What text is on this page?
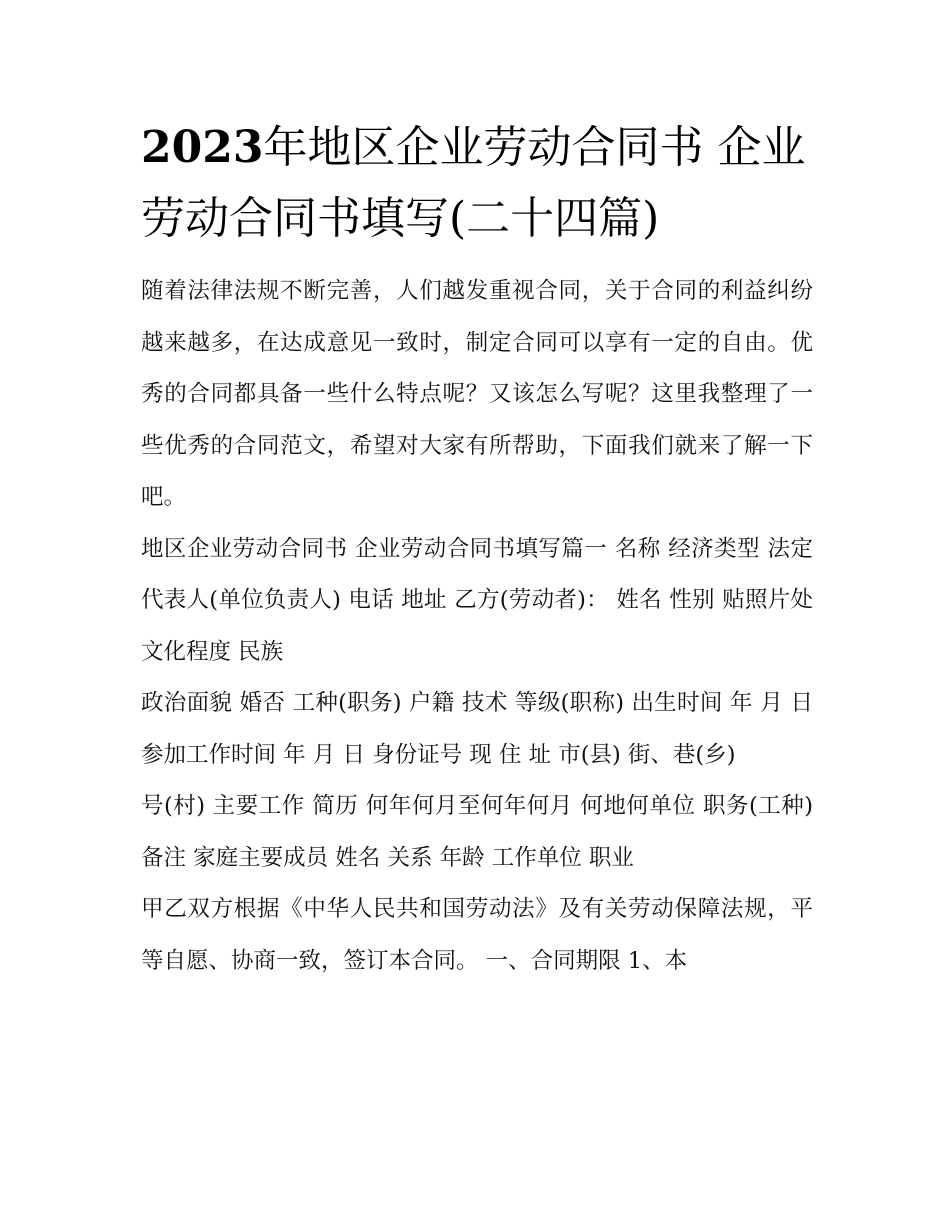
2023年地区企业劳动合同书 企业劳动合同书填写(二十四篇)

随着法律法规不断完善，人们越发重视合同，关于合同的利益纠纷越来越多，在达成意见一致时，制定合同可以享有一定的自由。优秀的合同都具备一些什么特点呢？又该怎么写呢？这里我整理了一些优秀的合同范文，希望对大家有所帮助，下面我们就来了解一下吧。

地区企业劳动合同书 企业劳动合同书填写篇一 名称 经济类型 法定代表人(单位负责人) 电话 地址 乙方(劳动者)： 姓名 性别 贴照片处 文化程度 民族

政治面貌 婚否 工种(职务) 户籍 技术 等级(职称) 出生时间 年 月 日 参加工作时间 年 月 日 身份证号 现 住 址 市(县) 街、巷(乡)

号(村) 主要工作 简历 何年何月至何年何月 何地何单位 职务(工种) 备注 家庭主要成员 姓名 关系 年龄 工作单位 职业

甲乙双方根据《中华人民共和国劳动法》及有关劳动保障法规，平等自愿、协商一致，签订本合同。 一、合同期限 1、本
